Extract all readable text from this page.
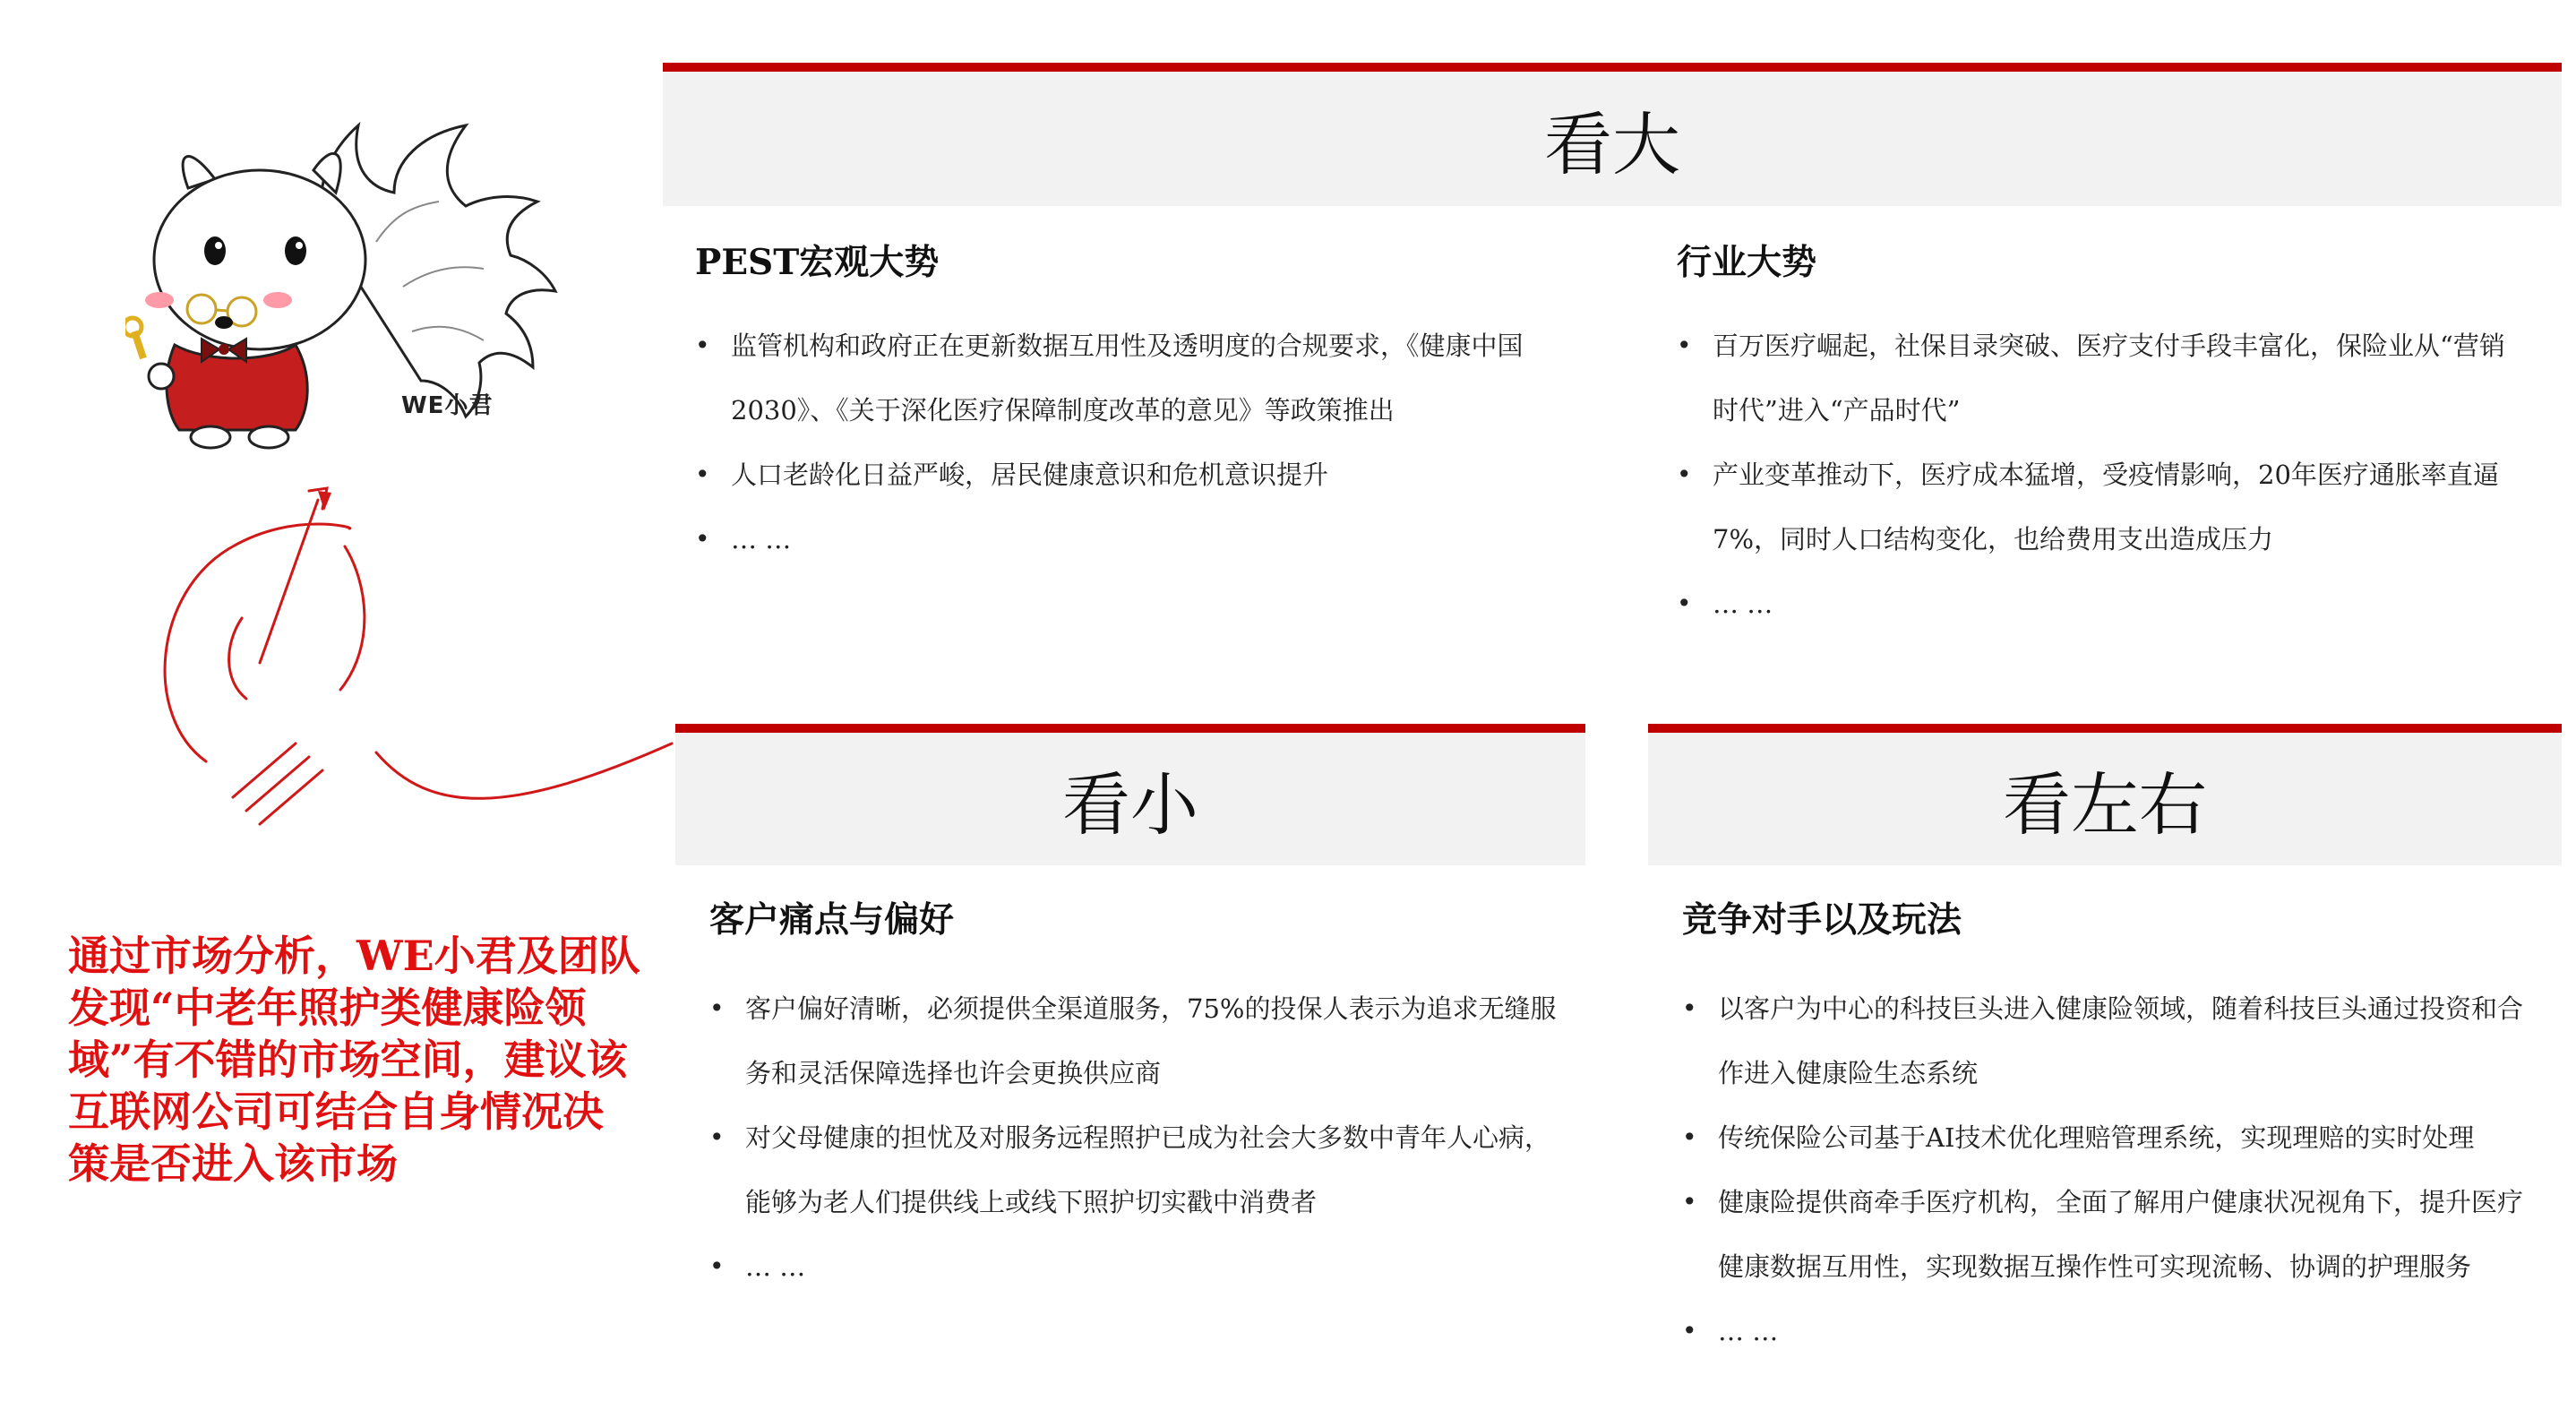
WE小君
通过市场分析，WE小君及团队发现“中老年照护类健康险领域”有不错的市场空间，建议该互联网公司可结合自身情况决策是否进入该市场
看大
PEST宏观大势
• 监管机构和政府正在更新数据互用性及透明度的合规要求，《健康中国2030》、《关于深化医疗保障制度改革的意见》等政策推出
• 人口老龄化日益严峻，居民健康意识和危机意识提升
• … …
行业大势
• 百万医疗崛起，社保目录突破、医疗支付手段丰富化，保险业从“营销时代”进入“产品时代”
• 产业变革推动下，医疗成本猛增，受疫情影响，20年医疗通胀率直逼7%，同时人口结构变化，也给费用支出造成压力
• … …
看小
客户痛点与偏好
• 客户偏好清晰，必须提供全渠道服务，75%的投保人表示为追求无缝服务和灵活保障选择也许会更换供应商
• 对父母健康的担忧及对服务远程照护已成为社会大多数中青年人心病，能够为老人们提供线上或线下照护切实戳中消费者
• … …
看左右
竞争对手以及玩法
• 以客户为中心的科技巨头进入健康险领域，随着科技巨头通过投资和合作进入健康险生态系统
• 传统保险公司基于AI技术优化理赔管理系统，实现理赔的实时处理
• 健康险提供商牵手医疗机构，全面了解用户健康状况视角下，提升医疗健康数据互用性，实现数据互操作性可实现流畅、协调的护理服务
• … …
